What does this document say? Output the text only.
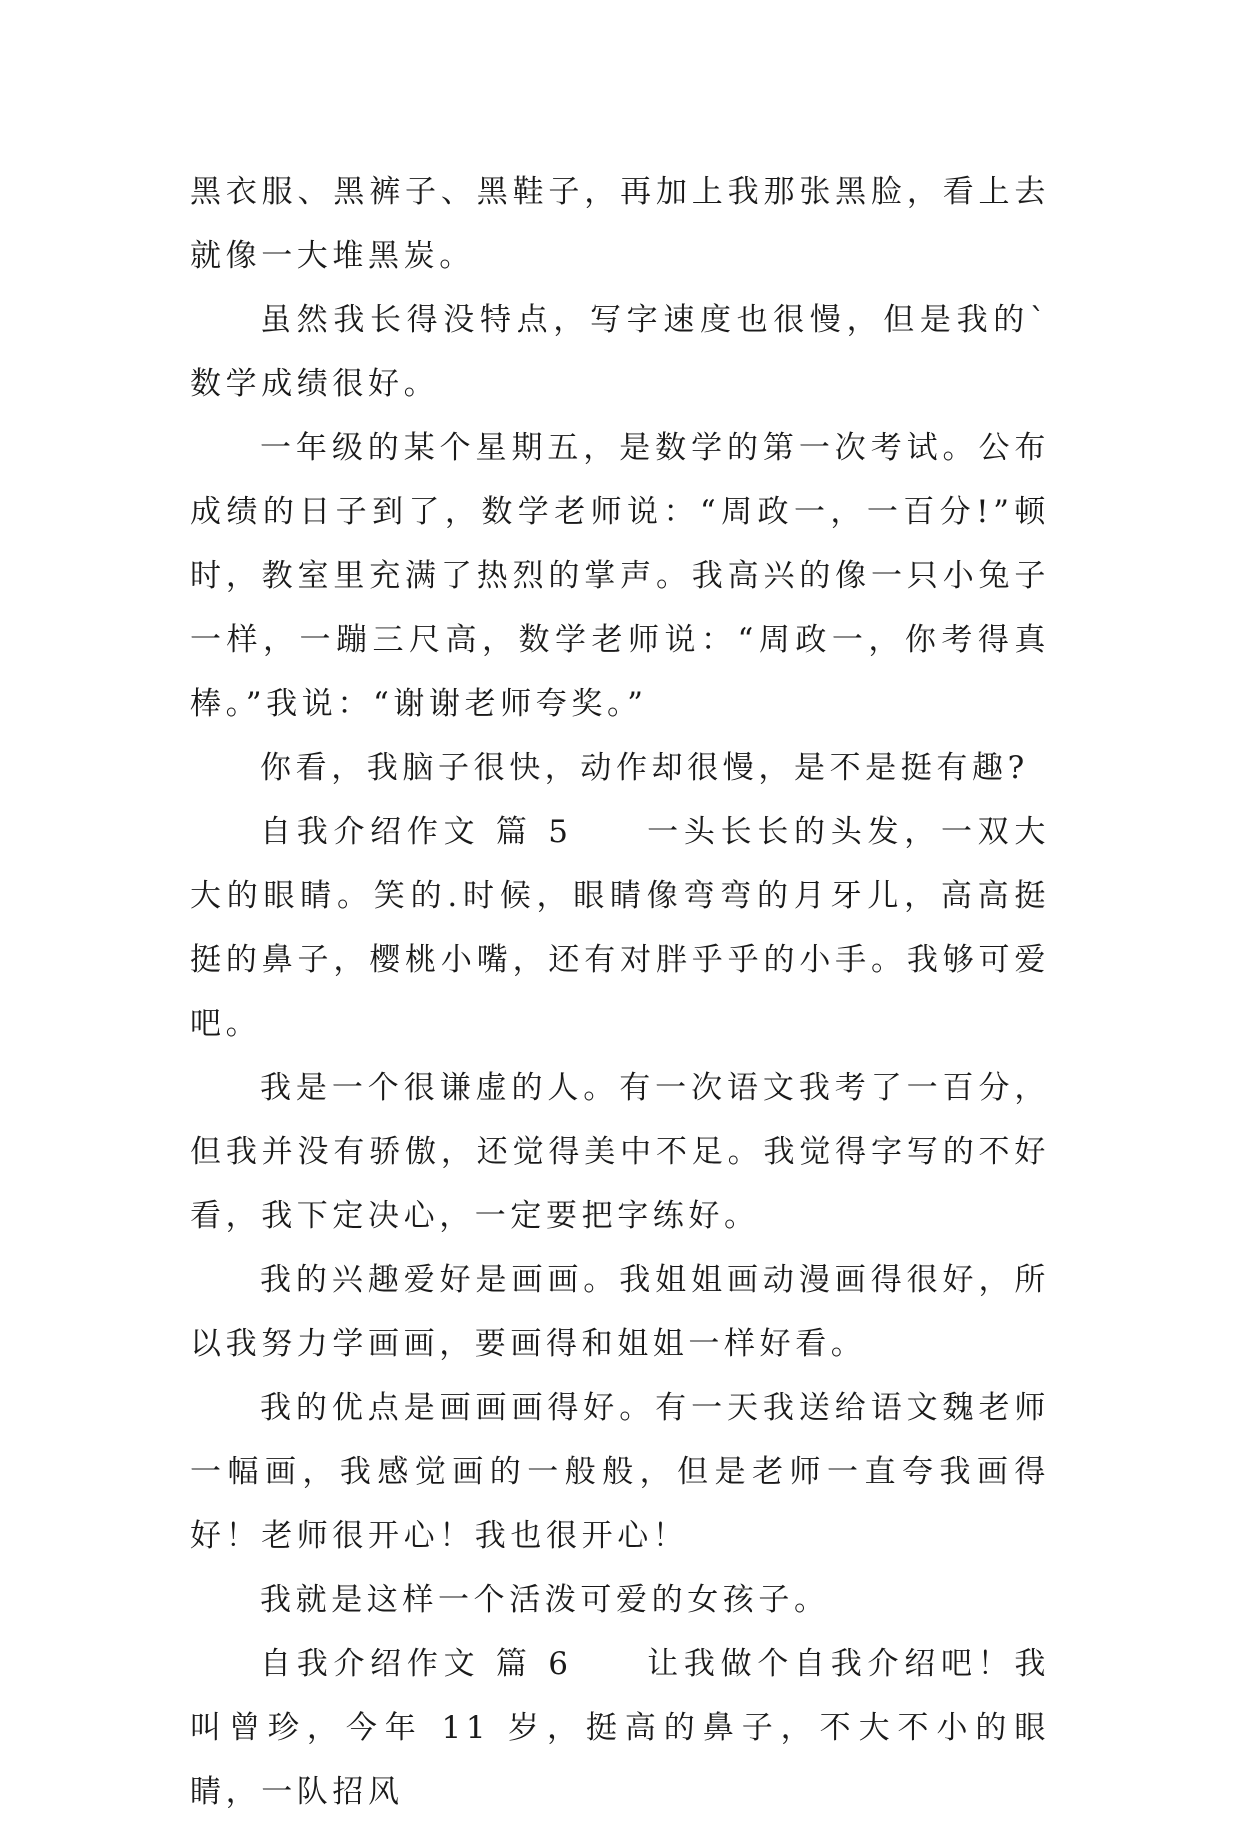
黑衣服、黑裤子、黑鞋子，再加上我那张黑脸，看上去就像一大堆黑炭。

虽然我长得没特点，写字速度也很慢，但是我的`数学成绩很好。

一年级的某个星期五，是数学的第一次考试。公布成绩的日子到了，数学老师说：“周政一，一百分!”顿时，教室里充满了热烈的掌声。我高兴的像一只小兔子一样，一蹦三尺高，数学老师说：“周政一，你考得真棒。”我说：“谢谢老师夸奖。”

你看，我脑子很快，动作却很慢，是不是挺有趣?

自我介绍作文 篇 5　　一头长长的头发，一双大大的眼睛。笑的.时候，眼睛像弯弯的月牙儿，高高挺挺的鼻子，樱桃小嘴，还有对胖乎乎的小手。我够可爱吧。

我是一个很谦虚的人。有一次语文我考了一百分，但我并没有骄傲，还觉得美中不足。我觉得字写的不好看，我下定决心，一定要把字练好。

我的兴趣爱好是画画。我姐姐画动漫画得很好，所以我努力学画画，要画得和姐姐一样好看。

我的优点是画画画得好。有一天我送给语文魏老师一幅画，我感觉画的一般般，但是老师一直夸我画得好！老师很开心！我也很开心！

我就是这样一个活泼可爱的女孩子。

自我介绍作文 篇 6　　让我做个自我介绍吧！我叫曾珍，今年 11 岁，挺高的鼻子，不大不小的眼睛，一队招风
